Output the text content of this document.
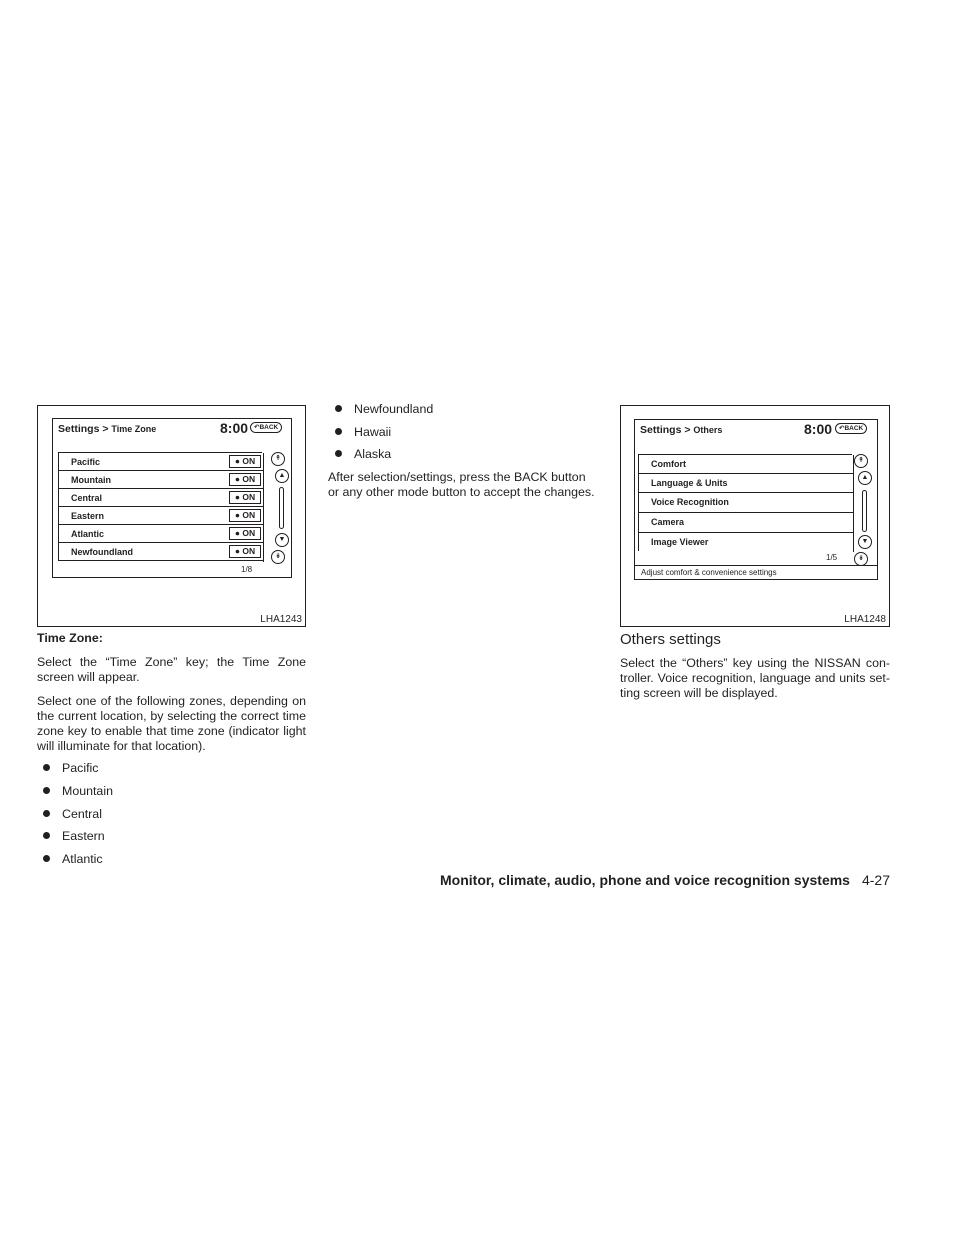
Settings > Time Zone	8:00 ↶BACK
Pacific	● ON
Mountain	● ON
Central	● ON
Eastern	● ON
Atlantic	● ON
Newfoundland	● ON
↟
▲
▼
↡
1/8
LHA1243
Time Zone:
Select the “Time Zone” key; the Time Zone screen will appear.
Select one of the following zones, depending on the current location, by selecting the correct time zone key to enable that time zone (indicator light will illuminate for that location).
Pacific
Mountain
Central
Eastern
Atlantic
Newfoundland
Hawaii
Alaska
After selection/settings, press the BACK button or any other mode button to accept the changes.
Settings > Others	8:00	↶BACK
Comfort
Language & Units
Voice Recognition
Camera
Image Viewer
↟
▲
▼
↡
1/5
Adjust comfort & convenience settings
LHA1248
Others settings
Select the “Others” key using the NISSAN con-troller. Voice recognition, language and units set-ting screen will be displayed.
Monitor, climate, audio, phone and voice recognition systems 4-27
